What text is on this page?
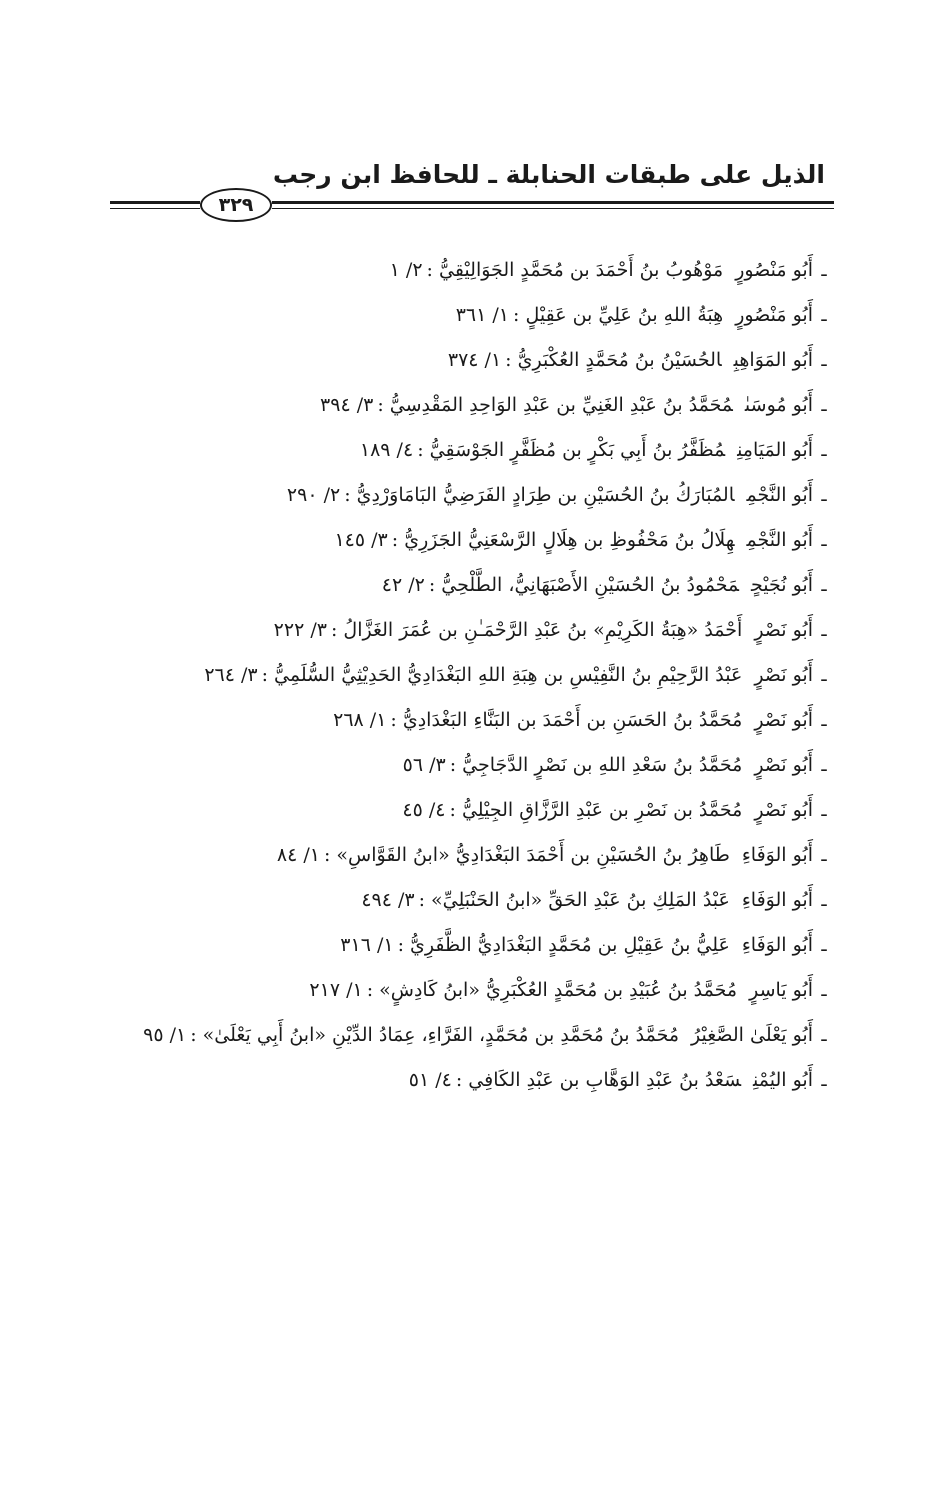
الذيل على طبقات الحنابلة ـ للحافظ ابن رجب
٣٢٩
ـأَبُو مَنْصُورٍمَوْهُوبُ بنُ أَحْمَدَ بن مُحَمَّدٍ الجَوَالِيْقِيُّ :٢/ ١
ـأَبُو مَنْصُورٍهِبَةُ اللهِ بنُ عَلِيِّ بن عَقِيْلٍ :١/ ٣٦١
ـأَبُو المَوَاهِبِالحُسَيْنُ بنُ مُحَمَّدٍ العُكْبَرِيُّ :١/ ٣٧٤
ـأَبُو مُوسَىٰمُحَمَّدُ بنُ عَبْدِ الغَنِيِّ بن عَبْدِ الوَاحِدِ المَقْدِسِيُّ :٣/ ٣٩٤
ـأَبُو المَيَامِنِمُظَفَّرُ بنُ أَبِي بَكْرٍ بن مُظَفَّرٍ الجَوْسَقِيُّ :٤/ ١٨٩
ـأَبُو النَّجْمِالمُبَارَكُ بنُ الحُسَيْنِ بن طِرَادٍ الفَرَضِيُّ البَامَاوَرْدِيُّ :٢/ ٢٩٠
ـأَبُو النَّجْمِهِلَالُ بنُ مَحْفُوظِ بن هِلَالٍ الرَّسْعَنِيُّ الجَزَرِيُّ :٣/ ١٤٥
ـأَبُو نُجَيْحٍمَحْمُودُ بنُ الحُسَيْنِ الأَصْبَهَانِيُّ، الطَّلْحِيُّ :٢/ ٤٢
ـأَبُو نَصْرٍأَحْمَدُ «هِبَةُ الكَرِيْمِ» بنُ عَبْدِ الرَّحْمَـٰنِ بن عُمَرَ الغَزَّالُ :٣/ ٢٢٢
ـأَبُو نَصْرٍعَبْدُ الرَّحِيْمِ بنُ النَّفِيْسِ بن هِبَةِ اللهِ البَغْدَادِيُّ الحَدِيْثِيُّ السُّلَمِيُّ :٣/ ٢٦٤
ـأَبُو نَصْرٍمُحَمَّدُ بنُ الحَسَنِ بن أَحْمَدَ بن البَنَّاءِ البَغْدَادِيُّ :١/ ٢٦٨
ـأَبُو نَصْرٍمُحَمَّدُ بنُ سَعْدِ اللهِ بن نَصْرٍ الدَّجَاجِيُّ :٣/ ٥٦
ـأَبُو نَصْرٍمُحَمَّدُ بن نَصْرِ بن عَبْدِ الرَّزَّاقِ الجِيْلِيُّ :٤/ ٤٥
ـأَبُو الوَفَاءِطَاهِرُ بنُ الحُسَيْنِ بن أَحْمَدَ البَغْدَادِيُّ «ابنُ القَوَّاسِ» :١/ ٨٤
ـأَبُو الوَفَاءِعَبْدُ المَلِكِ بنُ عَبْدِ الحَقِّ «ابنُ الحَنْبَلِيِّ» :٣/ ٤٩٤
ـأَبُو الوَفَاءِعَلِيُّ بنُ عَقِيْلِ بن مُحَمَّدٍ البَغْدَادِيُّ الظَّفَرِيُّ :١/ ٣١٦
ـأَبُو يَاسِرٍمُحَمَّدُ بنُ عُبَيْدِ بن مُحَمَّدٍ العُكْبَرِيُّ «ابنُ كَادِشٍ» :١/ ٢١٧
ـأَبُو يَعْلَىٰ الصَّغِيْرُمُحَمَّدُ بنُ مُحَمَّدِ بن مُحَمَّدٍ، الفَرَّاءِ، عِمَادُ الدِّيْنِ «ابنُ أَبِي يَعْلَىٰ» :١/ ٩٥
ـأَبُو اليُمْنِسَعْدُ بنُ عَبْدِ الوَهَّابِ بن عَبْدِ الكَافِي :٤/ ٥١
